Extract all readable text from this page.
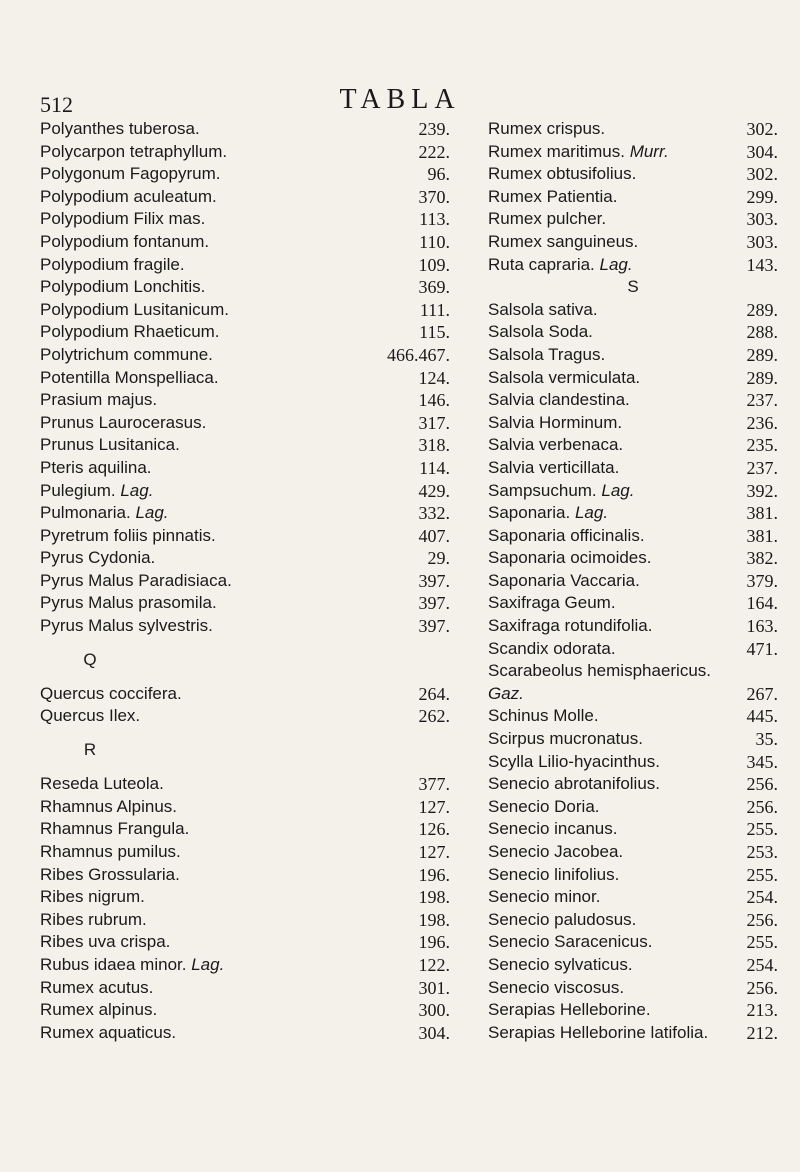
512	TABLA
Polyanthes tuberosa.	239.
Polycarpon tetraphyllum.	222.
Polygonum Fagopyrum.	96.
Polypodium aculeatum.	370.
Polypodium Filix mas.	113.
Polypodium fontanum.	110.
Polypodium fragile.	109.
Polypodium Lonchitis.	369.
Polypodium Lusitanicum.	111.
Polypodium Rhaeticum.	115.
Polytrichum commune.	466.467.
Potentilla Monspelliaca.	124.
Prasium majus.	146.
Prunus Laurocerasus.	317.
Prunus Lusitanica.	318.
Pteris aquilina.	114.
Pulegium. Lag.	429.
Pulmonaria. Lag.	332.
Pyretrum foliis pinnatis.	407.
Pyrus Cydonia.	29.
Pyrus Malus Paradisiaca.	397.
Pyrus Malus prasomila.	397.
Pyrus Malus sylvestris.	397.
Q
Quercus coccifera.	264.
Quercus Ilex.	262.
R
Reseda Luteola.	377.
Rhamnus Alpinus.	127.
Rhamnus Frangula.	126.
Rhamnus pumilus.	127.
Ribes Grossularia.	196.
Ribes nigrum.	198.
Ribes rubrum.	198.
Ribes uva crispa.	196.
Rubus idaea minor. Lag.	122.
Rumex acutus.	301.
Rumex alpinus.	300.
Rumex aquaticus.	304.
Rumex crispus.	302.
Rumex maritimus. Murr.	304.
Rumex obtusifolius.	302.
Rumex Patientia.	299.
Rumex pulcher.	303.
Rumex sanguineus.	303.
Ruta capraria. Lag.	143.
S
Salsola sativa.	289.
Salsola Soda.	288.
Salsola Tragus.	289.
Salsola vermiculata.	289.
Salvia clandestina.	237.
Salvia Horminum.	236.
Salvia verbenaca.	235.
Salvia verticillata.	237.
Sampsuchum. Lag.	392.
Saponaria. Lag.	381.
Saponaria officinalis.	381.
Saponaria ocimoides.	382.
Saponaria Vaccaria.	379.
Saxifraga Geum.	164.
Saxifraga rotundifolia.	163.
Scandix odorata.	471.
Scarabeolus hemisphaericus.
Gaz.	267.
Schinus Molle.	445.
Scirpus mucronatus.	35.
Scylla Lilio-hyacinthus.	345.
Senecio abrotanifolius.	256.
Senecio Doria.	256.
Senecio incanus.	255.
Senecio Jacobea.	253.
Senecio linifolius.	255.
Senecio minor.	254.
Senecio paludosus.	256.
Senecio Saracenicus.	255.
Senecio sylvaticus.	254.
Senecio viscosus.	256.
Serapias Helleborine.	213.
Serapias Helleborine latifolia. 212.
